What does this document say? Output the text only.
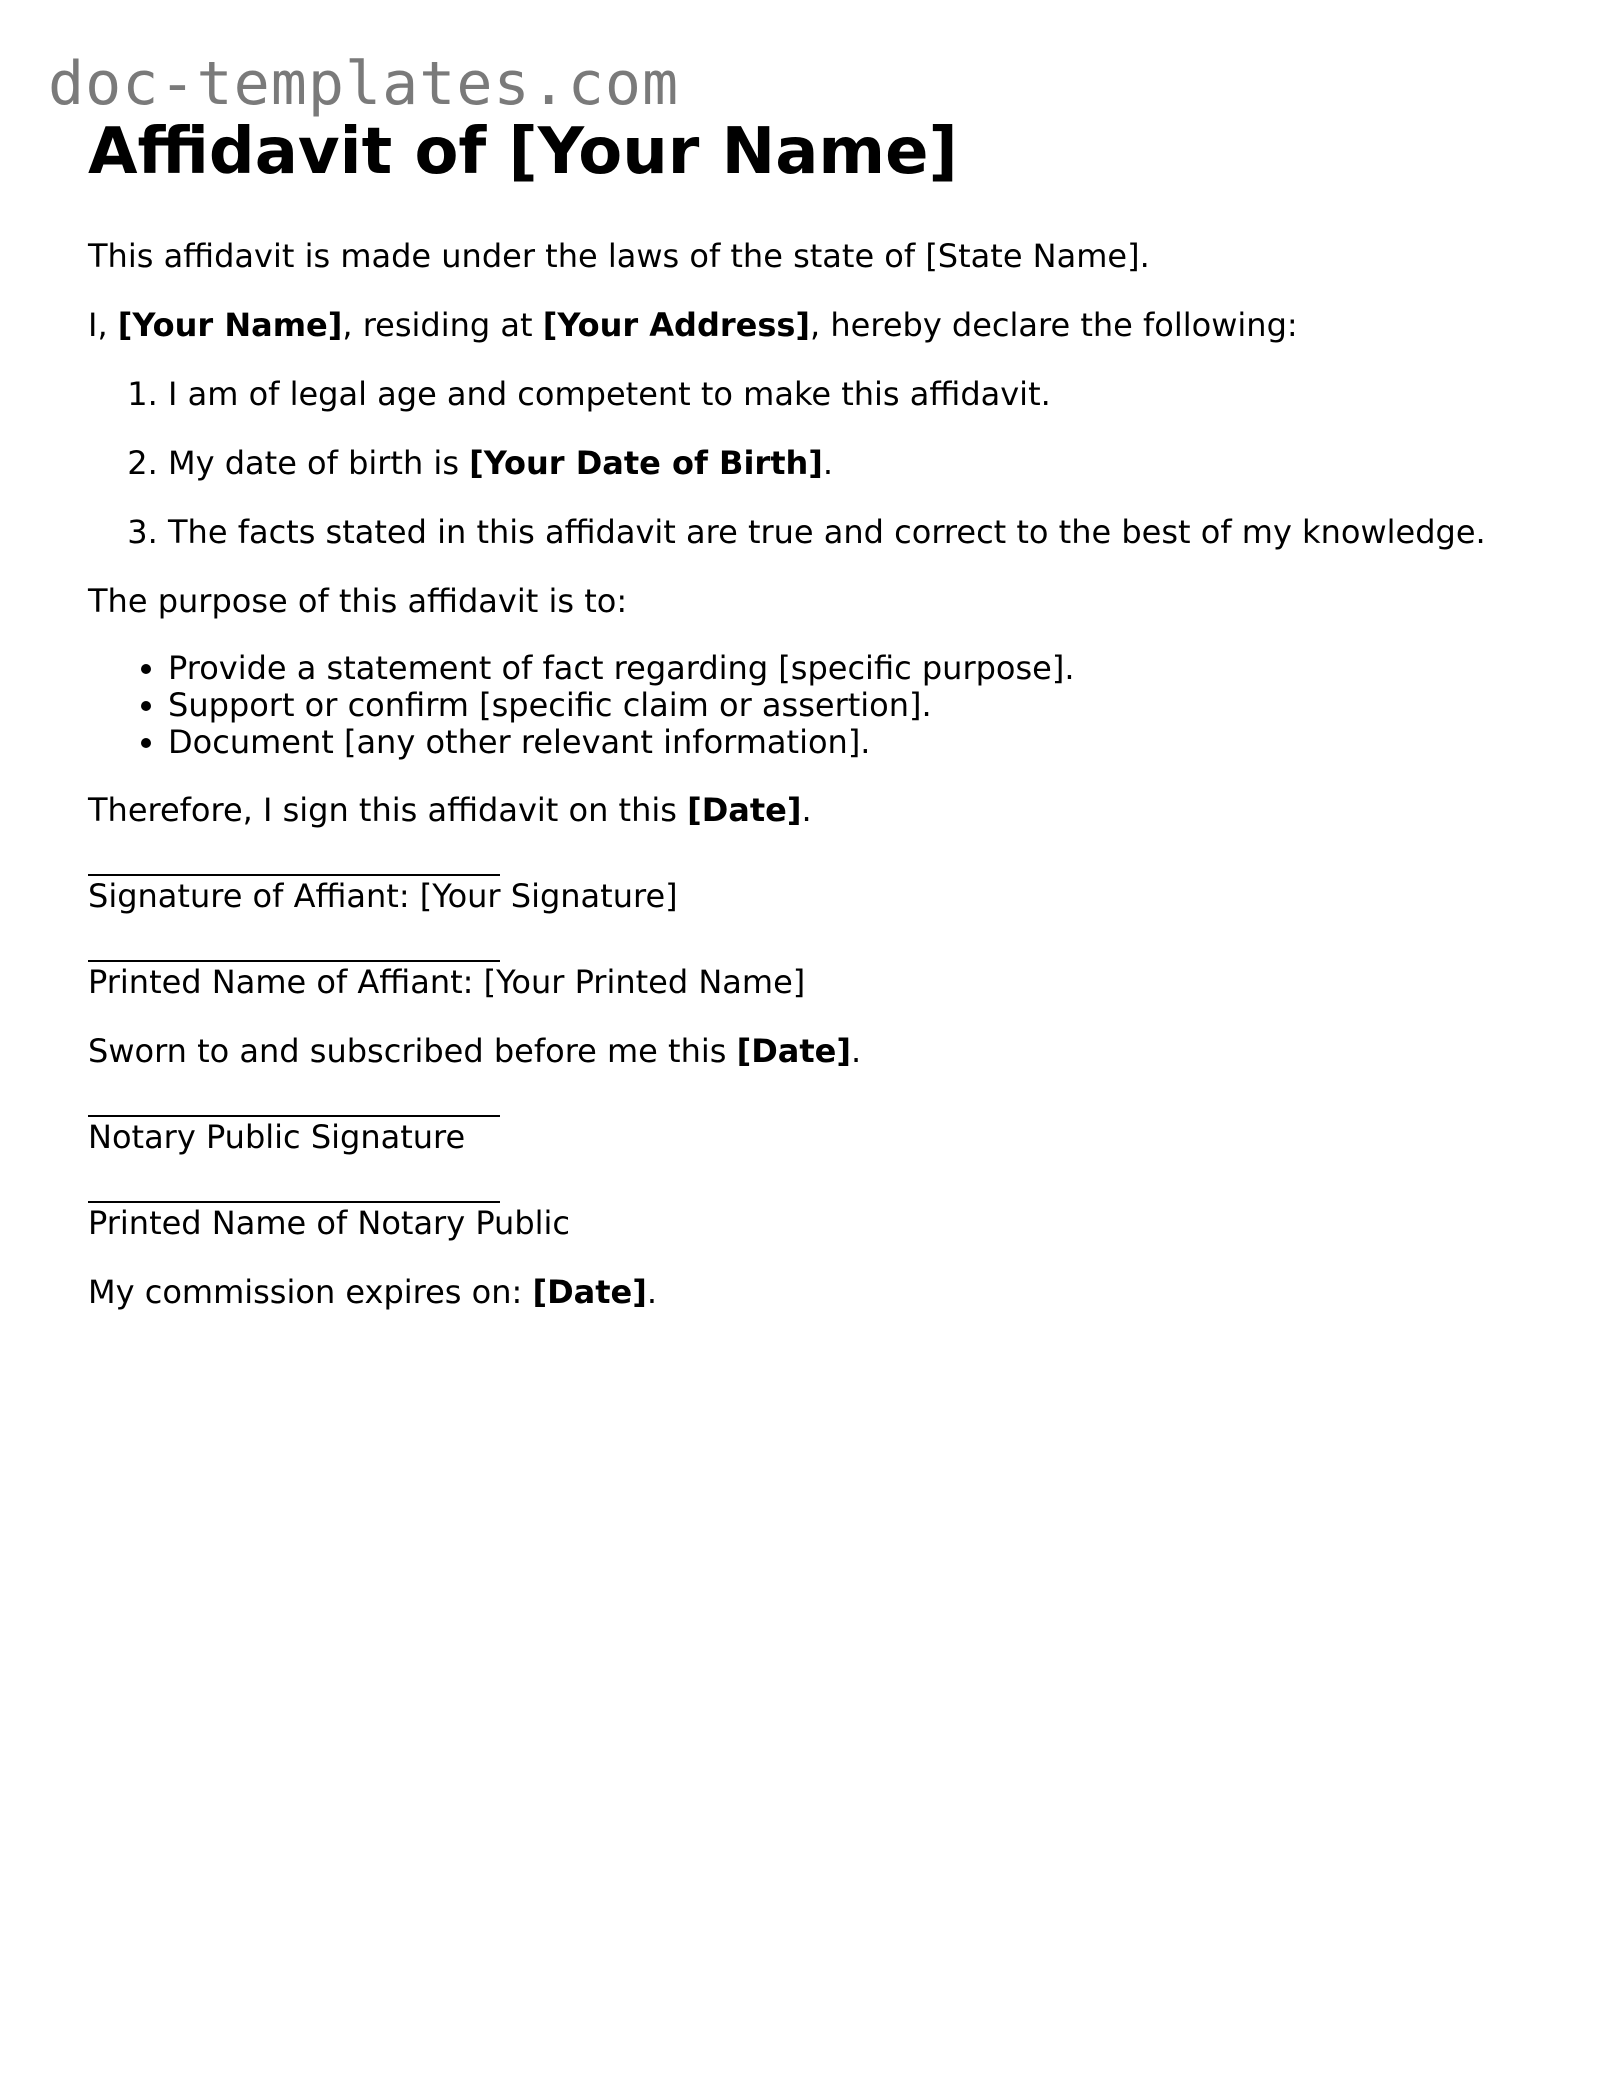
doc-templates.com
Affidavit of [Your Name]

This affidavit is made under the laws of the state of [State Name].

I, [Your Name], residing at [Your Address], hereby declare the following:

1. I am of legal age and competent to make this affidavit.
2. My date of birth is [Your Date of Birth].
3. The facts stated in this affidavit are true and correct to the best of my knowledge.

The purpose of this affidavit is to:

• Provide a statement of fact regarding [specific purpose].
• Support or confirm [specific claim or assertion].
• Document [any other relevant information].

Therefore, I sign this affidavit on this [Date].

Signature of Affiant: [Your Signature]
Printed Name of Affiant: [Your Printed Name]

Sworn to and subscribed before me this [Date].

Notary Public Signature
Printed Name of Notary Public

My commission expires on: [Date].
